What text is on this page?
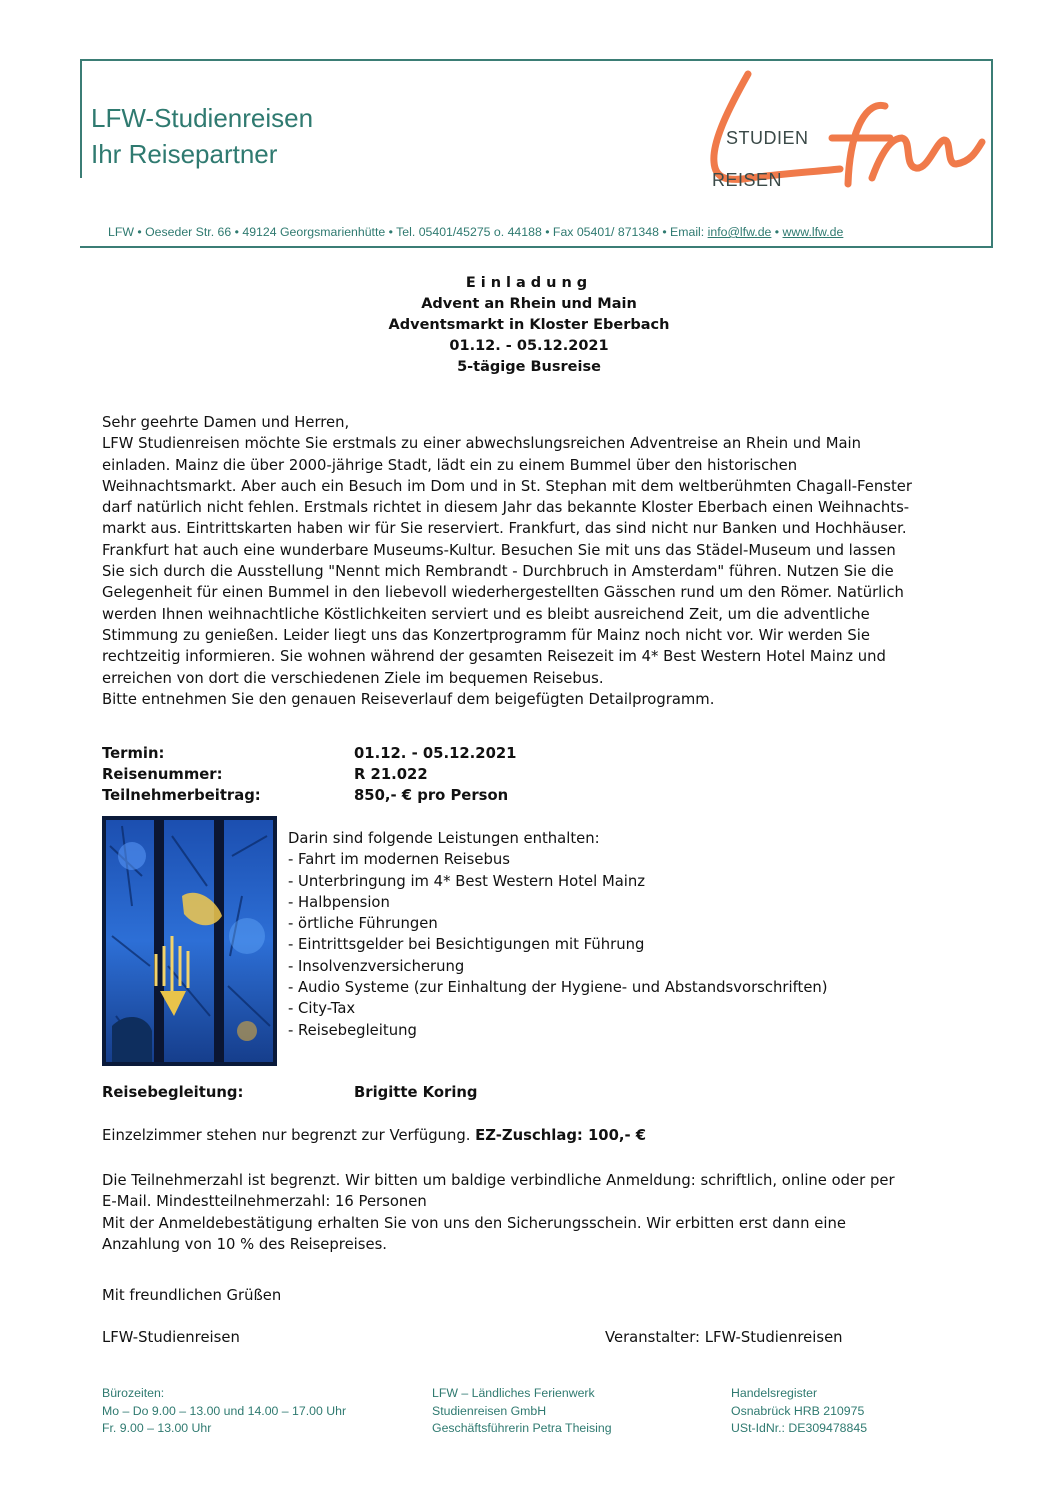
LFW-Studienreisen
Ihr Reisepartner
STUDIEN
REISEN
LFW • Oeseder Str. 66 • 49124 Georgsmarienhütte • Tel. 05401/45275 o. 44188 • Fax 05401/ 871348 • Email: info@lfw.de • www.lfw.de
Einladung
Advent an Rhein und Main
Adventsmarkt in Kloster Eberbach
01.12. - 05.12.2021
5-tägige Busreise

Sehr geehrte Damen und Herren,

LFW Studienreisen möchte Sie erstmals zu einer abwechslungsreichen Adventreise an Rhein und Main

einladen. Mainz die über 2000-jährige Stadt, lädt ein zu einem Bummel über den historischen

Weihnachtsmarkt. Aber auch ein Besuch im Dom und in St. Stephan mit dem weltberühmten Chagall-Fenster

darf natürlich nicht fehlen. Erstmals richtet in diesem Jahr das bekannte Kloster Eberbach einen Weihnachts-

markt aus. Eintrittskarten haben wir für Sie reserviert. Frankfurt, das sind nicht nur Banken und Hochhäuser.

Frankfurt hat auch eine wunderbare Museums-Kultur. Besuchen Sie mit uns das Städel-Museum und lassen

Sie sich durch die Ausstellung "Nennt mich Rembrandt - Durchbruch in Amsterdam" führen. Nutzen Sie die

Gelegenheit für einen Bummel in den liebevoll wiederhergestellten Gässchen rund um den Römer. Natürlich

werden Ihnen weihnachtliche Köstlichkeiten serviert und es bleibt ausreichend Zeit, um die adventliche

Stimmung zu genießen. Leider liegt uns das Konzertprogramm für Mainz noch nicht vor. Wir werden Sie

rechtzeitig informieren. Sie wohnen während der gesamten Reisezeit im 4* Best Western Hotel Mainz und

erreichen von dort die verschiedenen Ziele im bequemen Reisebus.

Bitte entnehmen Sie den genauen Reiseverlauf dem beigefügten Detailprogramm.

Termin:	01.12. - 05.12.2021
Reisenummer:	R 21.022
Teilnehmerbeitrag:	850,- € pro Person
Darin sind folgende Leistungen enthalten:
- Fahrt im modernen Reisebus
- Unterbringung im 4* Best Western Hotel Mainz
- Halbpension
- örtliche Führungen
- Eintrittsgelder bei Besichtigungen mit Führung
- Insolvenzversicherung
- Audio Systeme (zur Einhaltung der Hygiene- und Abstandsvorschriften)
- City-Tax
- Reisebegleitung
Reisebegleitung:	Brigitte Koring
Einzelzimmer stehen nur begrenzt zur Verfügung. EZ-Zuschlag: 100,- €
Die Teilnehmerzahl ist begrenzt. Wir bitten um baldige verbindliche Anmeldung: schriftlich, online oder per
E-Mail. Mindestteilnehmerzahl: 16 Personen
Mit der Anmeldebestätigung erhalten Sie von uns den Sicherungsschein. Wir erbitten erst dann eine
Anzahlung von 10 % des Reisepreises.
Mit freundlichen Grüßen
LFW-Studienreisen	Veranstalter: LFW-Studienreisen
Bürozeiten:
Mo – Do 9.00 – 13.00 und 14.00 – 17.00 Uhr
Fr. 9.00 – 13.00 Uhr
LFW – Ländliches Ferienwerk
Studienreisen GmbH
Geschäftsführerin Petra Theising
Handelsregister
Osnabrück HRB 210975
USt-IdNr.: DE309478845
